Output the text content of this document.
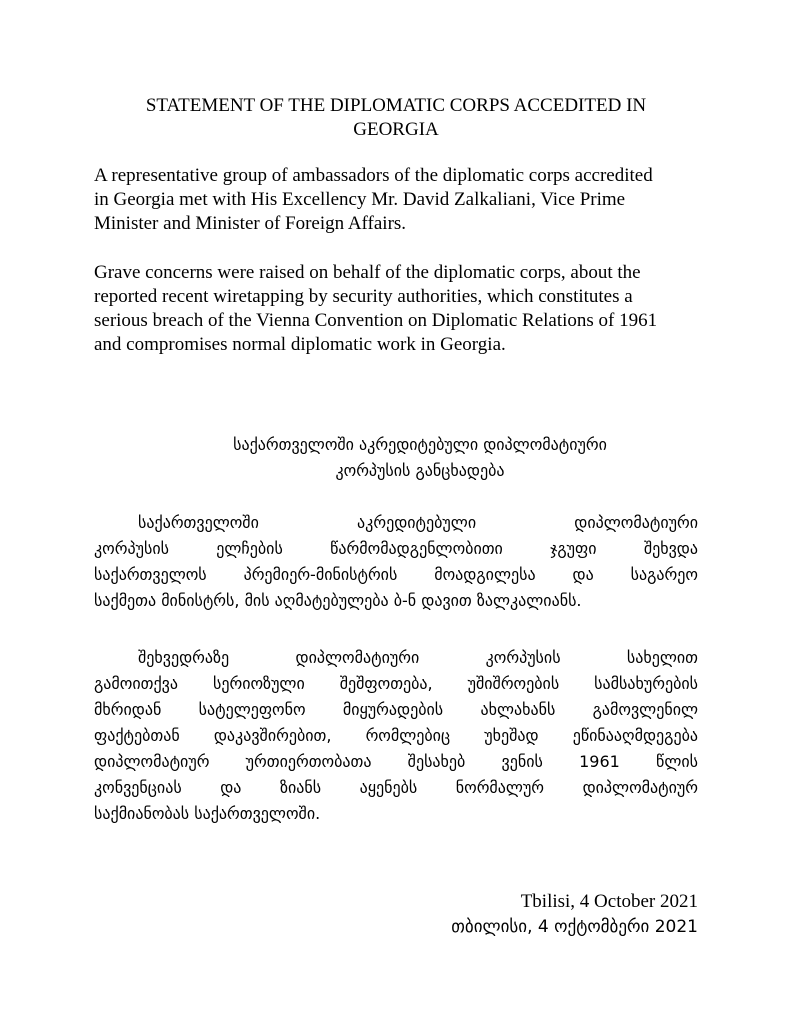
STATEMENT OF THE DIPLOMATIC CORPS ACCEDITED IN
GEORGIA
A representative group of ambassadors of the diplomatic corps accredited
in Georgia met with His Excellency Mr. David Zalkaliani, Vice Prime
Minister and Minister of Foreign Affairs.
Grave concerns were raised on behalf of the diplomatic corps, about the
reported recent wiretapping by security authorities, which constitutes a
serious breach of the Vienna Convention on Diplomatic Relations of 1961
and compromises normal diplomatic work in Georgia.
საქართველოში აკრედიტებული დიპლომატიური
კორპუსის განცხადება
საქართველოში აკრედიტებული დიპლომატიური
კორპუსის ელჩების წარმომადგენლობითი ჯგუფი შეხვდა
საქართველოს პრემიერ-მინისტრის მოადგილესა და საგარეო
საქმეთა მინისტრს, მის აღმატებულება ბ-ნ დავით ზალკალიანს.
შეხვედრაზე დიპლომატიური კორპუსის სახელით
გამოითქვა სერიოზული შეშფოთება, უშიშროების სამსახურების
მხრიდან სატელეფონო მიყურადების ახლახანს გამოვლენილ
ფაქტებთან დაკავშირებით, რომლებიც უხეშად ეწინააღმდეგება
დიპლომატიურ ურთიერთობათა შესახებ ვენის 1961 წლის
კონვენციას და ზიანს აყენებს ნორმალურ დიპლომატიურ
საქმიანობას საქართველოში.
Tbilisi, 4 October 2021
თბილისი, 4 ოქტომბერი 2021
